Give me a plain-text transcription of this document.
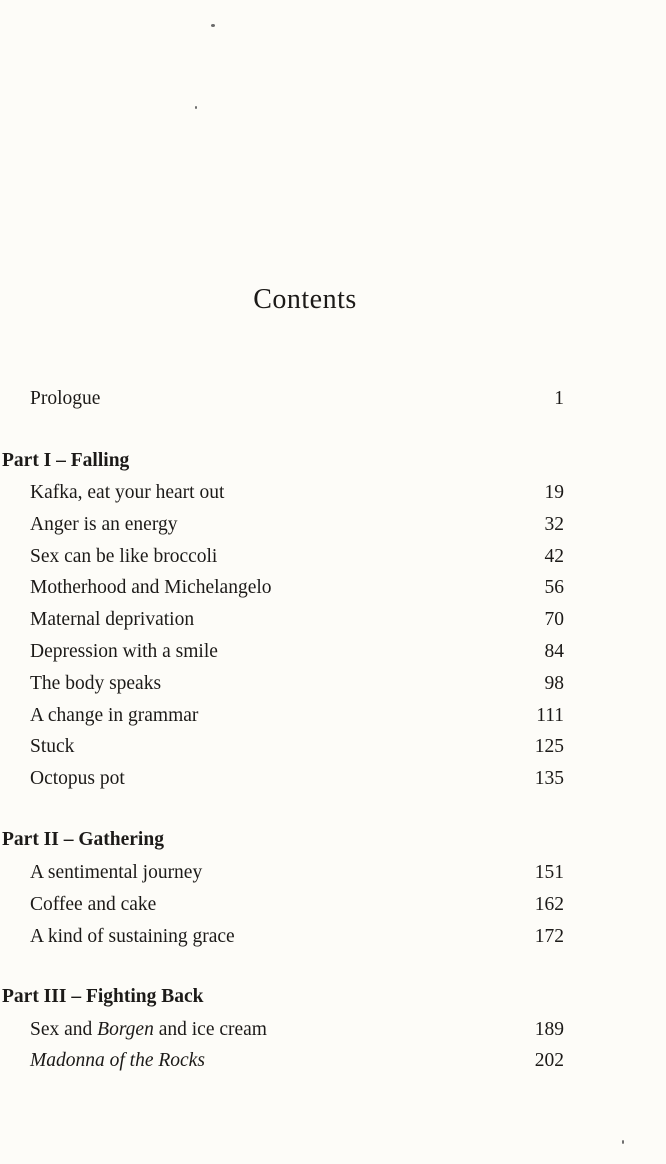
Contents
Prologue	1
Part I – Falling
Kafka, eat your heart out	19
Anger is an energy	32
Sex can be like broccoli	42
Motherhood and Michelangelo	56
Maternal deprivation	70
Depression with a smile	84
The body speaks	98
A change in grammar	111
Stuck	125
Octopus pot	135
Part II – Gathering
A sentimental journey	151
Coffee and cake	162
A kind of sustaining grace	172
Part III – Fighting Back
Sex and Borgen and ice cream	189
Madonna of the Rocks	202
